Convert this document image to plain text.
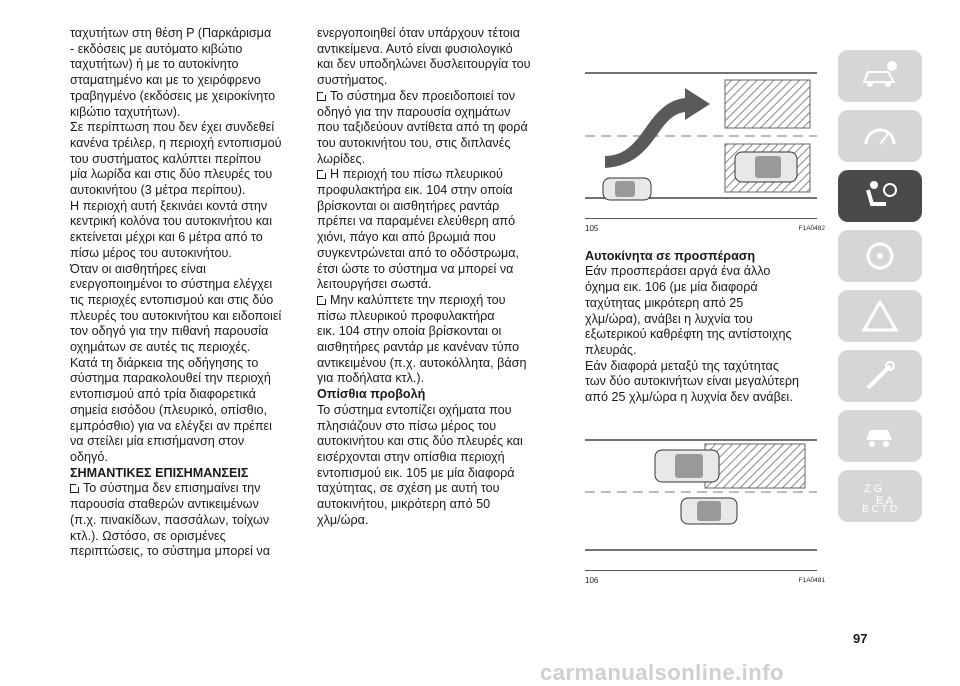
ταχυτήτων στη θέση P (Παρκάρισμα
- εκδόσεις με αυτόματο κιβώτιο
ταχυτήτων) ή με το αυτοκίνητο
σταματημένο και με το χειρόφρενο
τραβηγμένο (εκδόσεις με χειροκίνητο
κιβώτιο ταχυτήτων).

Σε περίπτωση που δεν έχει συνδεθεί
κανένα τρέιλερ, η περιοχή εντοπισμού
του συστήματος καλύπτει περίπου
μία λωρίδα και στις δύο πλευρές του
αυτοκινήτου (3 μέτρα περίπου).

Η περιοχή αυτή ξεκινάει κοντά στην
κεντρική κολόνα του αυτοκινήτου και
εκτείνεται μέχρι και 6 μέτρα από το
πίσω μέρος του αυτοκινήτου.

Όταν οι αισθητήρες είναι
ενεργοποιημένοι το σύστημα ελέγχει
τις περιοχές εντοπισμού και στις δύο
πλευρές του αυτοκινήτου και ειδοποιεί
τον οδηγό για την πιθανή παρουσία
οχημάτων σε αυτές τις περιοχές.

Κατά τη διάρκεια της οδήγησης το
σύστημα παρακολουθεί την περιοχή
εντοπισμού από τρία διαφορετικά
σημεία εισόδου (πλευρικό, οπίσθιο,
εμπρόσθιο) για να ελέγξει αν πρέπει
να στείλει μία επισήμανση στον
οδηγό.

ΣΗΜΑΝΤΙΚΕΣ ΕΠΙΣΗΜΑΝΣΕΙΣ

Το σύστημα δεν επισημαίνει την
παρουσία σταθερών αντικειμένων
(π.χ. πινακίδων, πασσάλων, τοίχων
κτλ.). Ωστόσο, σε ορισμένες
περιπτώσεις, το σύστημα μπορεί να

ενεργοποιηθεί όταν υπάρχουν τέτοια
αντικείμενα. Αυτό είναι φυσιολογικό
και δεν υποδηλώνει δυσλειτουργία του
συστήματος.

Το σύστημα δεν προειδοποιεί τον
οδηγό για την παρουσία οχημάτων
που ταξιδεύουν αντίθετα από τη φορά
του αυτοκινήτου του, στις διπλανές
λωρίδες.

Η περιοχή του πίσω πλευρικού
προφυλακτήρα εικ. 104 στην οποία
βρίσκονται οι αισθητήρες ραντάρ
πρέπει να παραμένει ελεύθερη από
χιόνι, πάγο και από βρωμιά που
συγκεντρώνεται από το οδόστρωμα,
έτσι ώστε το σύστημα να μπορεί να
λειτουργήσει σωστά.

Μην καλύπτετε την περιοχή του
πίσω πλευρικού προφυλακτήρα
εικ. 104 στην οποία βρίσκονται οι
αισθητήρες ραντάρ με κανέναν τύπο
αντικειμένου (π.χ. αυτοκόλλητα, βάση
για ποδήλατα κτλ.).

Οπίσθια προβολή

Το σύστημα εντοπίζει οχήματα που
πλησιάζουν στο πίσω μέρος του
αυτοκινήτου και στις δύο πλευρές και
εισέρχονται στην οπίσθια περιοχή
εντοπισμού εικ. 105 με μία διαφορά
ταχύτητας, σε σχέση με αυτή του
αυτοκινήτου, μικρότερη από 50
χλμ/ώρα.

105	F1A0482

Αυτοκίνητα σε προσπέραση

Εάν προσπεράσει αργά ένα άλλο
όχημα εικ. 106 (με μία διαφορά
ταχύτητας μικρότερη από 25
χλμ/ώρα), ανάβει η λυχνία του
εξωτερικού καθρέφτη της αντίστοιχης
πλευράς.

Εάν διαφορά μεταξύ της ταχύτητας
των δύο αυτοκινήτων είναι μεγαλύτερη
από 25 χλμ/ώρα η λυχνία δεν ανάβει.

106	F1A0481
Z G
E A
B C T D
97
carmanualsonline.info
